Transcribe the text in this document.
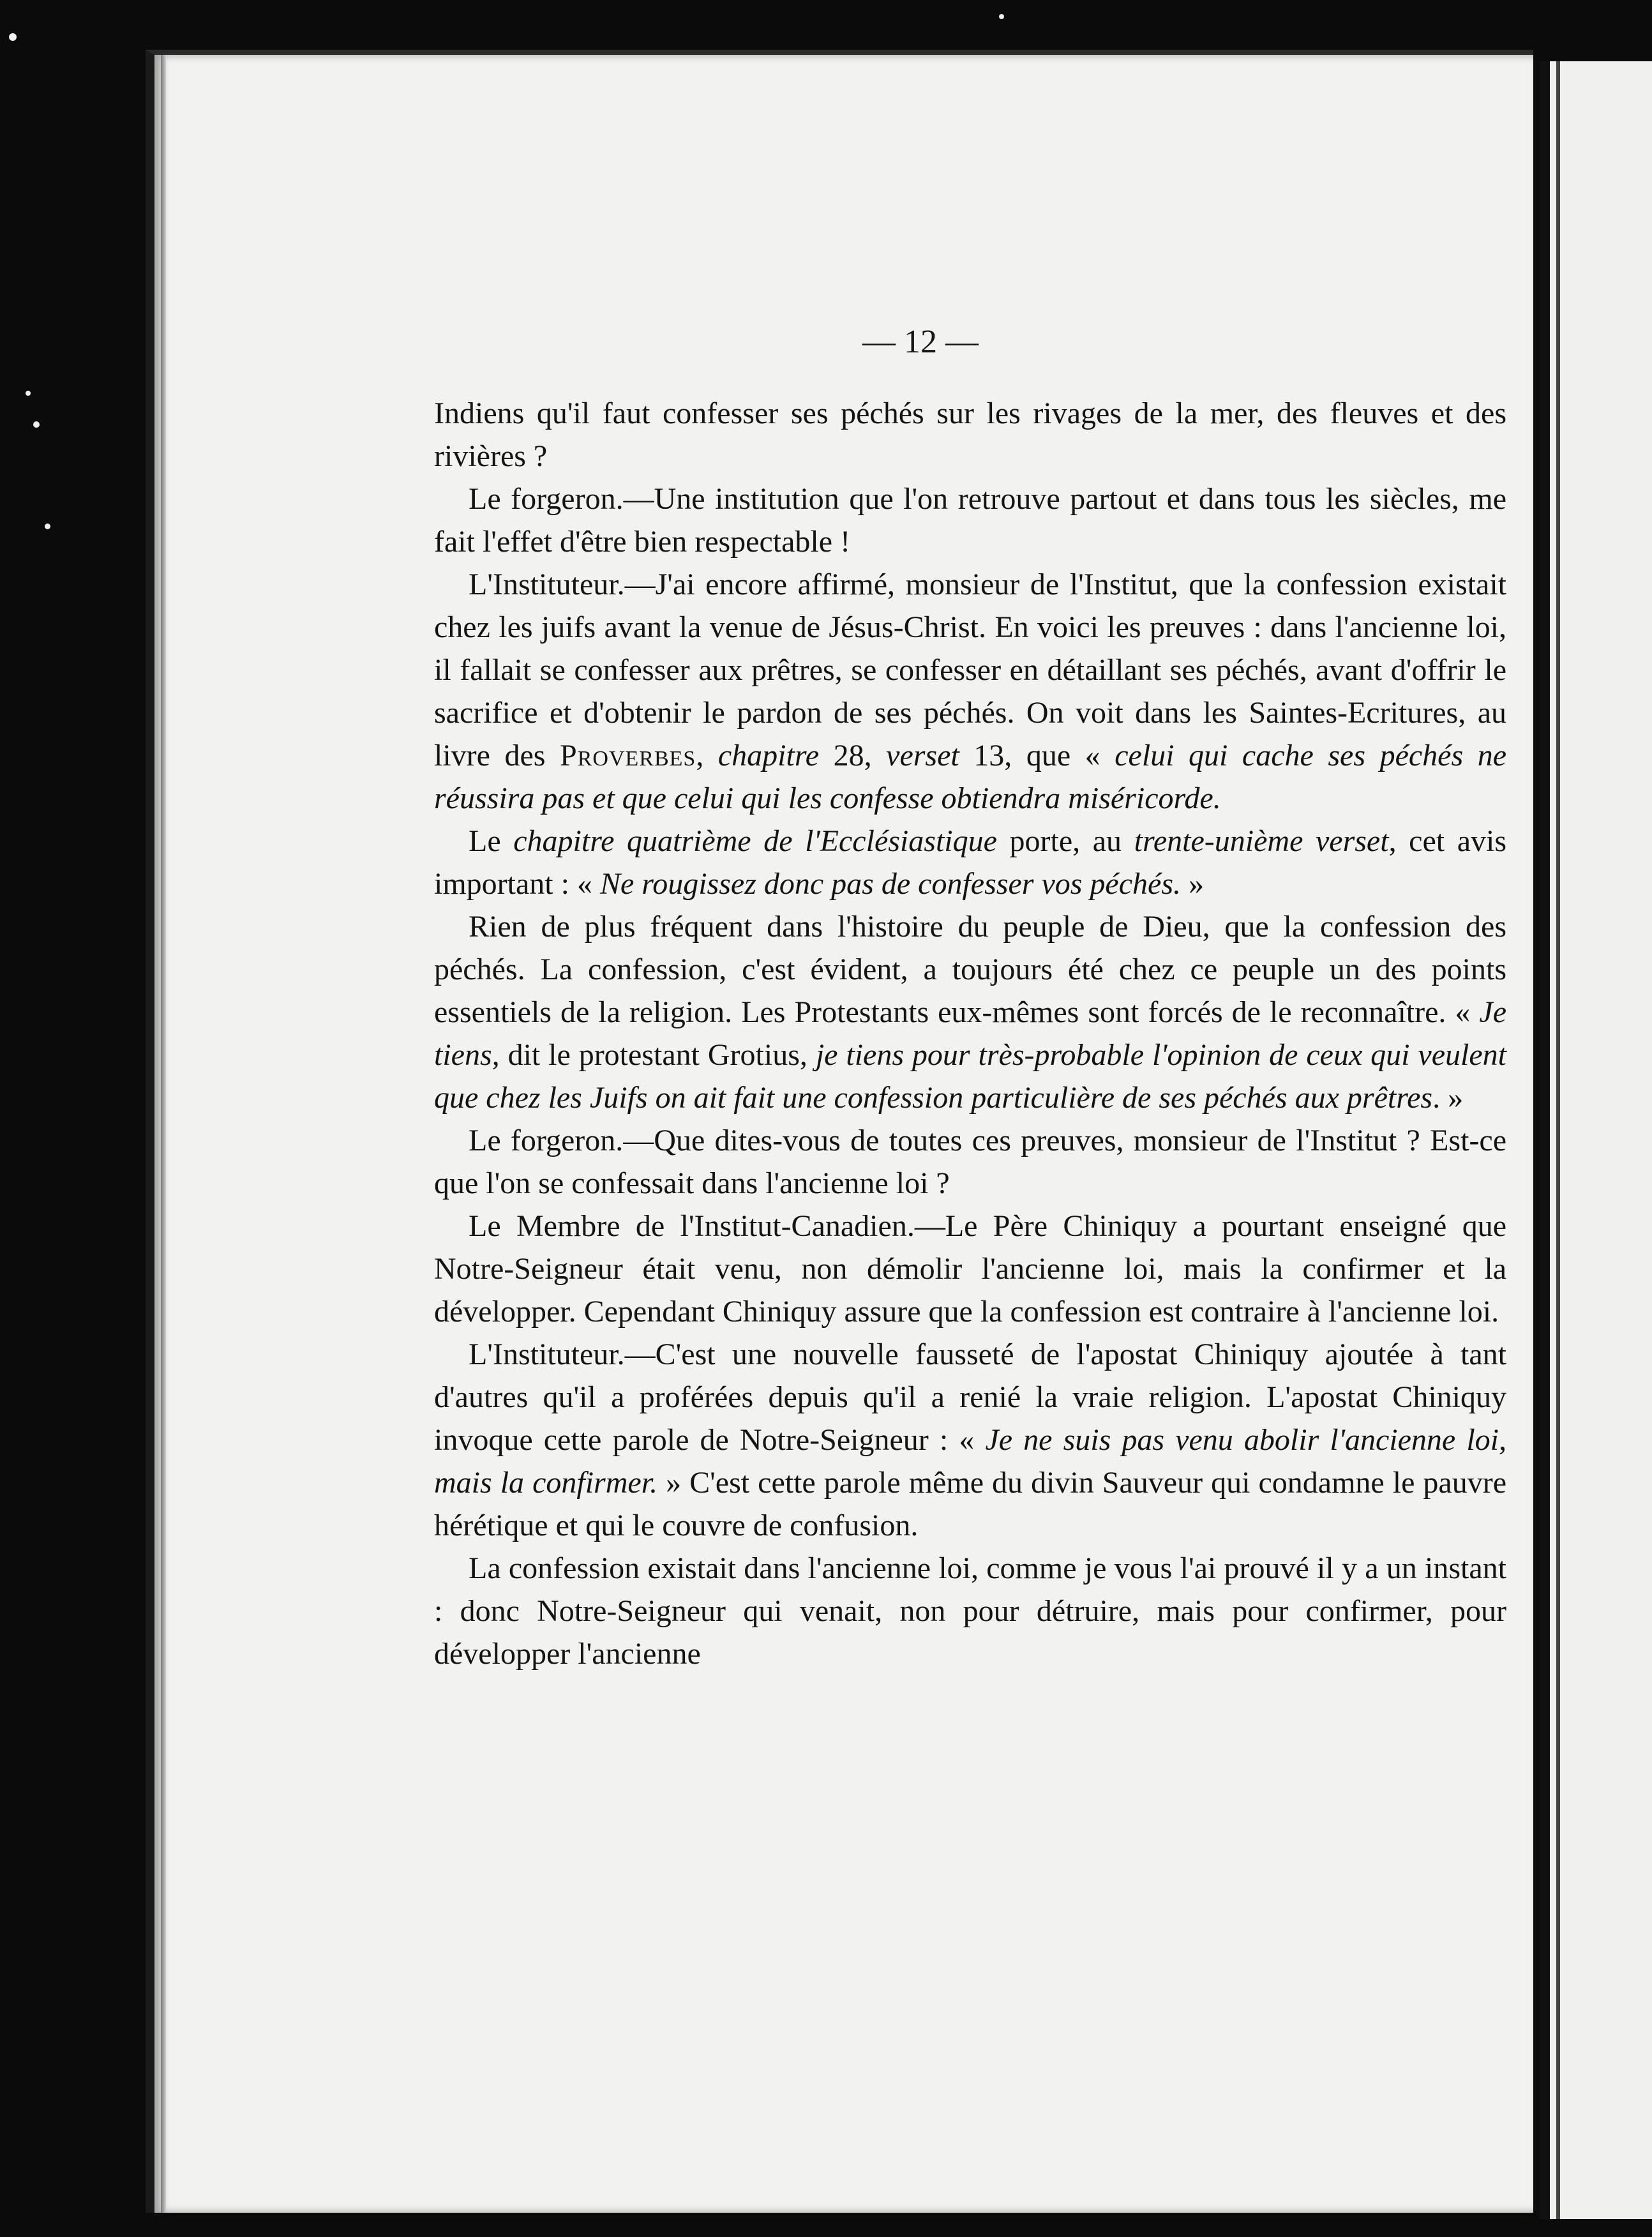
— 12 —

Indiens qu'il faut confesser ses péchés sur les rivages de la mer, des fleuves et des rivières ?

Le forgeron.—Une institution que l'on retrouve partout et dans tous les siècles, me fait l'effet d'être bien respectable !

L'Instituteur.—J'ai encore affirmé, monsieur de l'Institut, que la confession existait chez les juifs avant la venue de Jésus-Christ. En voici les preuves : dans l'ancienne loi, il fallait se confesser aux prêtres, se confesser en détaillant ses péchés, avant d'offrir le sacrifice et d'obtenir le pardon de ses péchés. On voit dans les Saintes-Ecritures, au livre des Proverbes, chapitre 28, verset 13, que « celui qui cache ses péchés ne réussira pas et que celui qui les confesse obtiendra miséricorde.

Le chapitre quatrième de l'Ecclésiastique porte, au trente-unième verset, cet avis important : « Ne rougissez donc pas de confesser vos péchés. »

Rien de plus fréquent dans l'histoire du peuple de Dieu, que la confession des péchés. La confession, c'est évident, a toujours été chez ce peuple un des points essentiels de la religion. Les Protestants eux-mêmes sont forcés de le reconnaître. « Je tiens, dit le protestant Grotius, je tiens pour très-probable l'opinion de ceux qui veulent que chez les Juifs on ait fait une confession particulière de ses péchés aux prêtres. »

Le forgeron.—Que dites-vous de toutes ces preuves, monsieur de l'Institut ? Est-ce que l'on se confessait dans l'ancienne loi ?

Le Membre de l'Institut-Canadien.—Le Père Chiniquy a pourtant enseigné que Notre-Seigneur était venu, non démolir l'ancienne loi, mais la confirmer et la développer. Cependant Chiniquy assure que la confession est contraire à l'ancienne loi.

L'Instituteur.—C'est une nouvelle fausseté de l'apostat Chiniquy ajoutée à tant d'autres qu'il a proférées depuis qu'il a renié la vraie religion. L'apostat Chiniquy invoque cette parole de Notre-Seigneur : « Je ne suis pas venu abolir l'ancienne loi, mais la confirmer. » C'est cette parole même du divin Sauveur qui condamne le pauvre hérétique et qui le couvre de confusion.

La confession existait dans l'ancienne loi, comme je vous l'ai prouvé il y a un instant : donc Notre-Seigneur qui venait, non pour détruire, mais pour confirmer, pour développer l'ancienne
